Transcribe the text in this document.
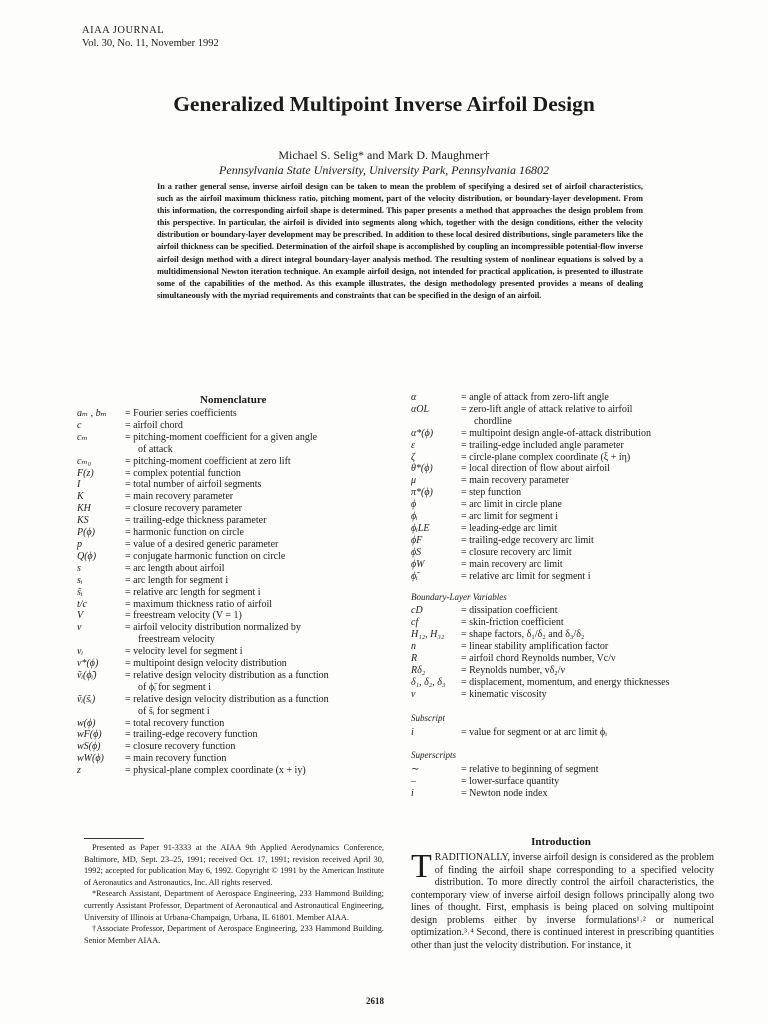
AIAA JOURNAL
Vol. 30, No. 11, November 1992
Generalized Multipoint Inverse Airfoil Design
Michael S. Selig* and Mark D. Maughmer†
Pennsylvania State University, University Park, Pennsylvania 16802
In a rather general sense, inverse airfoil design can be taken to mean the problem of specifying a desired set of airfoil characteristics, such as the airfoil maximum thickness ratio, pitching moment, part of the velocity distribution, or boundary-layer development. From this information, the corresponding airfoil shape is determined. This paper presents a method that approaches the design problem from this perspective. In particular, the airfoil is divided into segments along which, together with the design conditions, either the velocity distribution or boundary-layer development may be prescribed. In addition to these local desired distributions, single parameters like the airfoil thickness can be specified. Determination of the airfoil shape is accomplished by coupling an incompressible potential-flow inverse airfoil design method with a direct integral boundary-layer analysis method. The resulting system of nonlinear equations is solved by a multidimensional Newton iteration technique. An example airfoil design, not intended for practical application, is presented to illustrate some of the capabilities of the method. As this example illustrates, the design methodology presented provides a means of dealing simultaneously with the myriad requirements and constraints that can be specified in the design of an airfoil.
Nomenclature
aₘ , bₘ	= Fourier series coefficients
c	= airfoil chord
cₘ	= pitching-moment coefficient for a given angle
of attack
cₘ₀	= pitching-moment coefficient at zero lift
F(z)	= complex potential function
I	= total number of airfoil segments
K	= main recovery parameter
KH	= closure recovery parameter
KS	= trailing-edge thickness parameter
P(ϕ)	= harmonic function on circle
p	= value of a desired generic parameter
Q(ϕ)	= conjugate harmonic function on circle
s	= arc length about airfoil
sᵢ	= arc length for segment i
s̃ᵢ	= relative arc length for segment i
t/c	= maximum thickness ratio of airfoil
V	= freestream velocity (V = 1)
v	= airfoil velocity distribution normalized by
freestream velocity
vᵢ	= velocity level for segment i
v*(ϕ)	= multipoint design velocity distribution
ṽᵢ(ϕ̃ᵢ)	= relative design velocity distribution as a function
of ϕ̃ᵢ for segment i
ṽᵢ(s̃ᵢ)	= relative design velocity distribution as a function
of s̃ᵢ for segment i
w(ϕ)	= total recovery function
wF(ϕ)	= trailing-edge recovery function
wS(ϕ)	= closure recovery function
wW(ϕ)	= main recovery function
z	= physical-plane complex coordinate (x + iy)
α	= angle of attack from zero-lift angle
αOL	= zero-lift angle of attack relative to airfoil
chordline
α*(ϕ)	= multipoint design angle-of-attack distribution
ε	= trailing-edge included angle parameter
ζ	= circle-plane complex coordinate (ξ + iη)
θ*(ϕ)	= local direction of flow about airfoil
μ	= main recovery parameter
π*(ϕ)	= step function
ϕ	= arc limit in circle plane
ϕᵢ	= arc limit for segment i
ϕᵢLE	= leading-edge arc limit
ϕF	= trailing-edge recovery arc limit
ϕS	= closure recovery arc limit
ϕW	= main recovery arc limit
ϕ̃ᵢ	= relative arc limit for segment i
Boundary-Layer Variables
cD	= dissipation coefficient
cf	= skin-friction coefficient
H₁₂, H₃₂	= shape factors, δ₁/δ₂ and δ₃/δ₂
n	= linear stability amplification factor
R	= airfoil chord Reynolds number, Vc/ν
Rδ₂	= Reynolds number, vδ₂/ν
δ₁, δ₂, δ₃	= displacement, momentum, and energy thicknesses
ν	= kinematic viscosity
Subscript
i	= value for segment or at arc limit ϕᵢ
Superscripts
∼	= relative to beginning of segment
–	= lower-surface quantity
i	= Newton node index

Presented as Paper 91-3333 at the AIAA 9th Applied Aerodynamics Conference, Baltimore, MD, Sept. 23–25, 1991; received Oct. 17, 1991; revision received April 30, 1992; accepted for publication May 6, 1992. Copyright © 1991 by the American Institute of Aeronautics and Astronautics, Inc. All rights reserved.

*Research Assistant, Department of Aerospace Engineering, 233 Hammond Building; currently Assistant Professor, Department of Aeronautical and Astronautical Engineering, University of Illinois at Urbana-Champaign, Urbana, IL 61801. Member AIAA.

†Associate Professor, Department of Aerospace Engineering, 233 Hammond Building. Senior Member AIAA.

Introduction
TRADITIONALLY, inverse airfoil design is considered as the problem of finding the airfoil shape corresponding to a specified velocity distribution. To more directly control the airfoil characteristics, the contemporary view of inverse airfoil design follows principally along two lines of thought. First, emphasis is being placed on solving multipoint design problems either by inverse formulations¹˒² or numerical optimization.³˒⁴ Second, there is continued interest in prescribing quantities other than just the velocity distribution. For instance, it
2618
